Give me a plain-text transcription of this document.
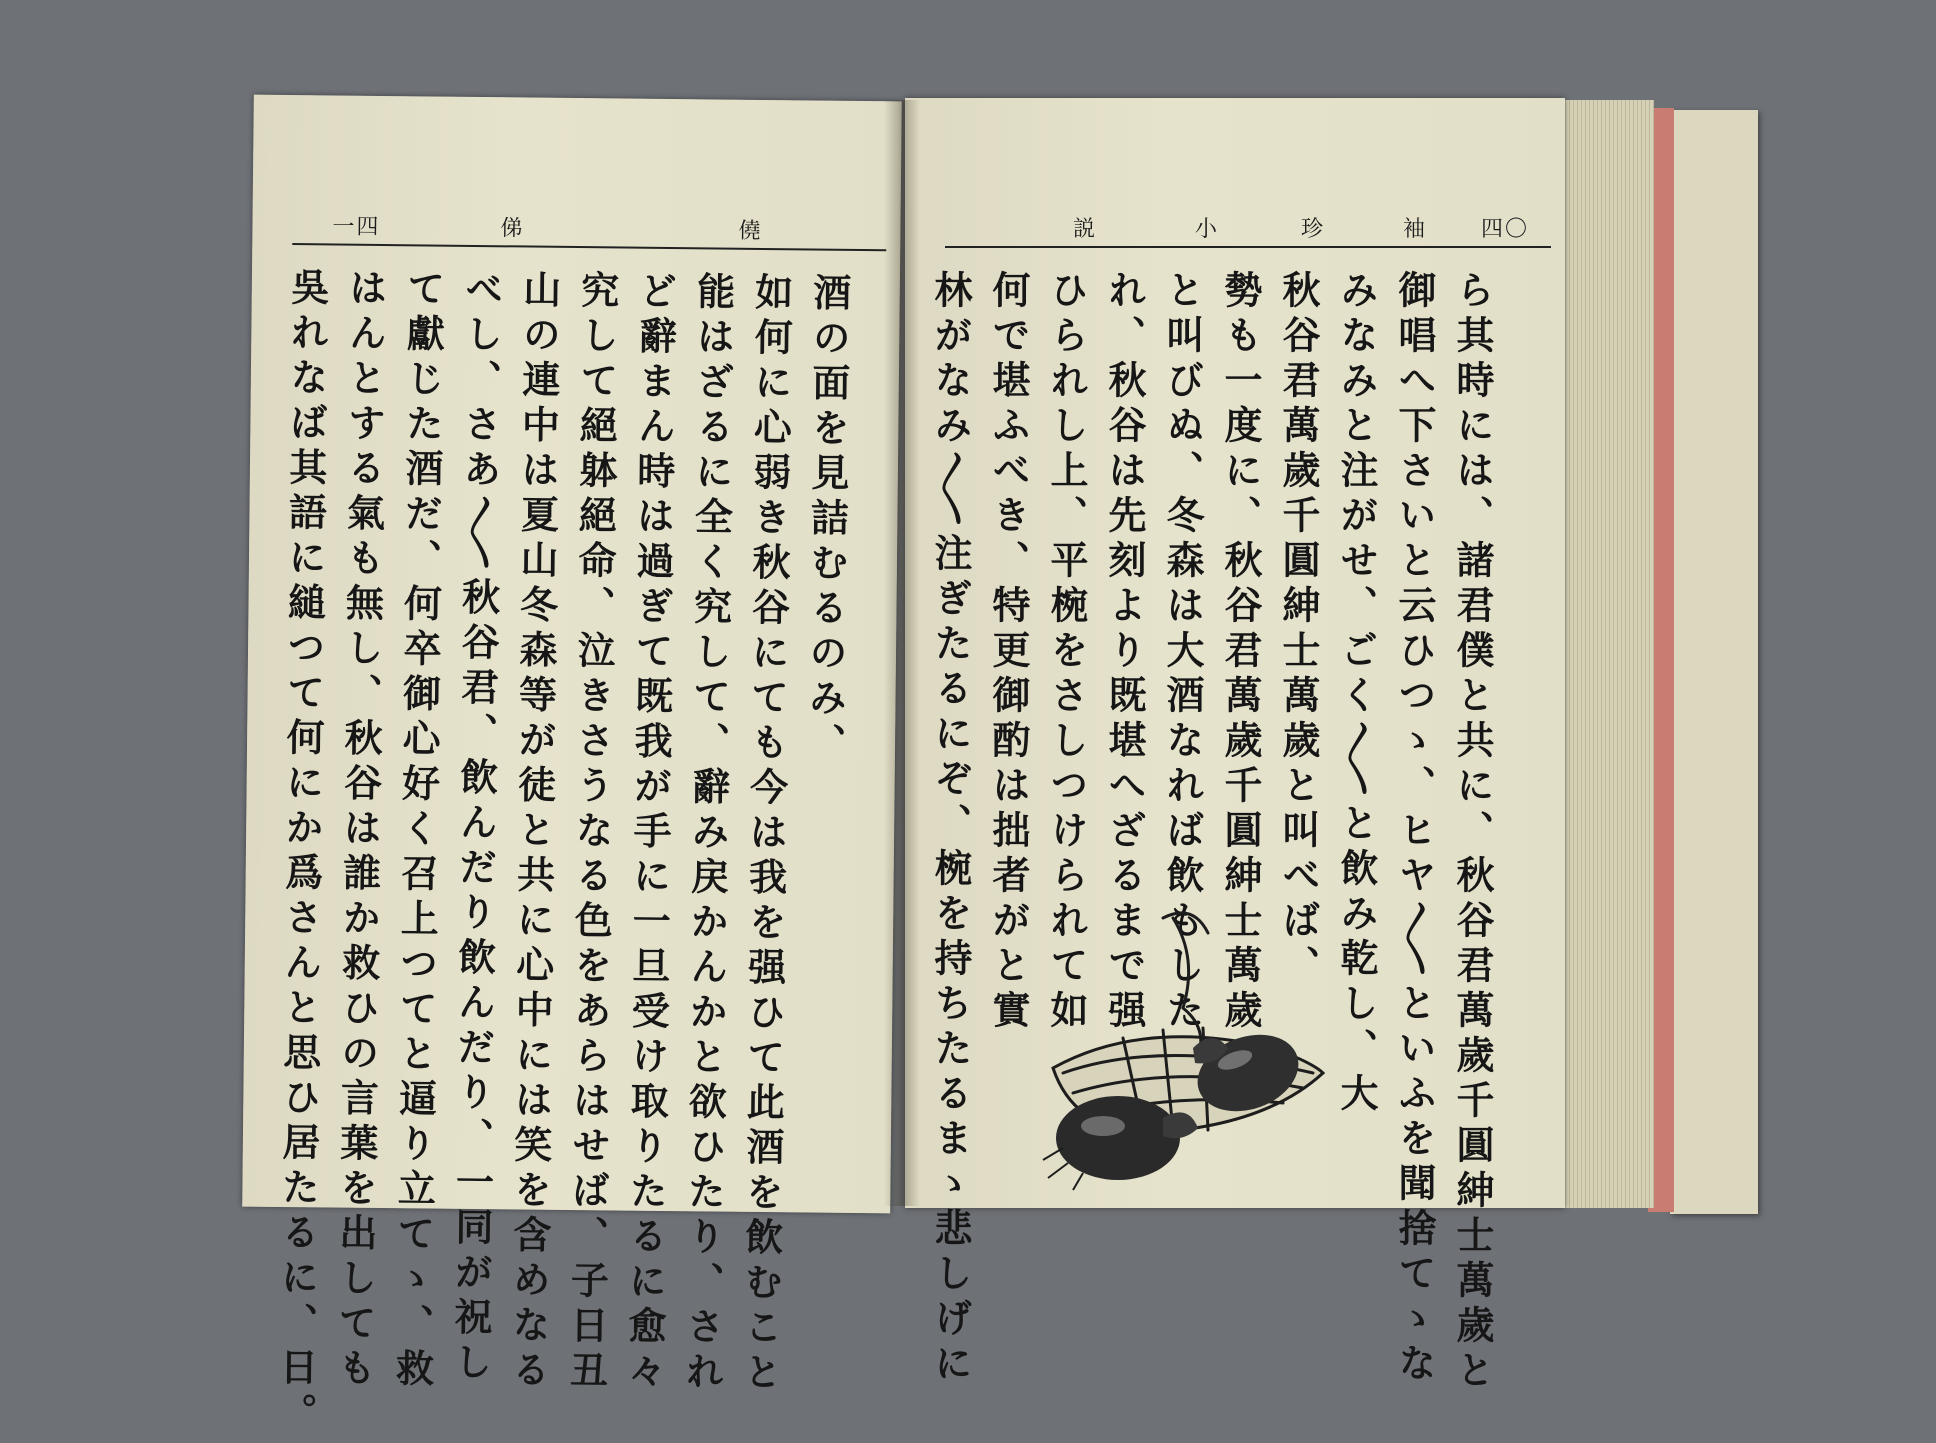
一四	俤	僥

酒の面を見詰むるのみ、

如何に心弱き秋谷にても今は我を强ひて此酒を飲むこと

能はざるに全く究して、辭み戻かんかと欲ひたり、され

ど辭まん時は過ぎて既我が手に一旦受け取りたるに愈々

究して絕躰絕命、泣きさうなる色をあらはせば、子日丑

山の連中は夏山冬森等が徒と共に心中には笑を含めなる

べし、さあ〳〵秋谷君、飲んだり飲んだり、一同が祝し

て獻じた酒だ、何卒御心好く召上つてと逼り立てゝ、救

はんとする氣も無し、秋谷は誰か救ひの言葉を出しても

吳れなば其語に縋つて何にか爲さんと思ひ居たるに、日。

説	小	珍	袖 四〇

ら其時には、諸君僕と共に、秋谷君萬歲千圓紳士萬歲と

御唱へ下さいと云ひつゝ、ヒヤ〳〵といふを聞捨てゝな

みなみと注がせ、ごく〳〵と飲み乾し、大

秋谷君萬歲千圓紳士萬歲と叫べば、

勢も一度に、秋谷君萬歲千圓紳士萬歲

と叫びぬ、冬森は大酒なれば飲もした

れ、秋谷は先刻より既堪へざるまで强

ひられし上、平椀をさしつけられて如

何で堪ふべき、特更御酌は拙者がと實

林がなみ〳〵注ぎたるにぞ、椀を持ちたるまゝ悲しげに
